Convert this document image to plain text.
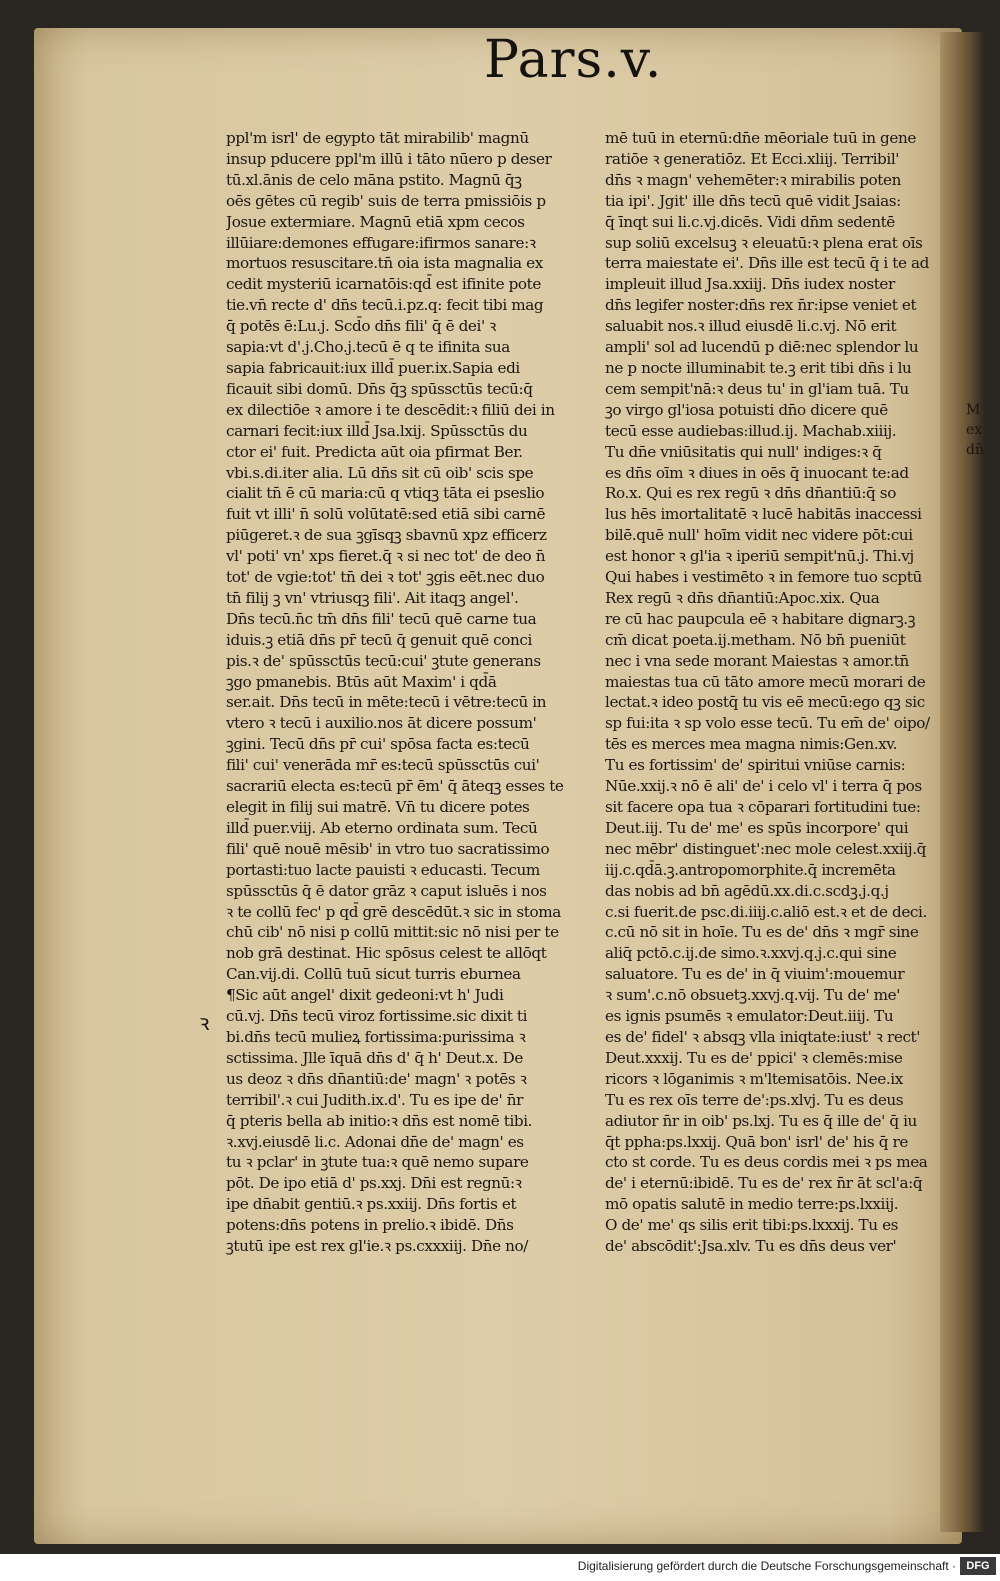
Pars.v.
ppl'm isrl' de egypto tāt mirabilib' magnū
insup pducere ppl'm illū i tāto nūero p deser
tū.xl.ānis de celo māna pstito. Magnū q̄ꝫ
oēs gētes cū regib' suis de terra pmissiōis p
Josue extermiare. Magnū etiā xpm cecos
illūiare:demones effugare:ifirmos sanare:ꝛ
mortuos resuscitare.tn̄ oia ista magnalia ex
cedit mysteriū icarnatōis:qd̄ est ifinite pote
tie.vn̄ recte d' dn̄s tecū.i.pz.q: fecit tibi mag
q̄ potēs ē:Lu.j. Scd̄o dn̄s fili' q̄ ē dei' ꝛ
sapia:vt d'.j.Cho.j.tecū ē q te ifinita sua
sapia fabricauit:iux illd̄ puer.ix.Sapia edi
ficauit sibi domū. Dn̄s q̄ꝫ spūssctūs tecū:q̄
ex dilectiōe ꝛ amore i te descēdit:ꝛ filiū dei in
carnari fecit:iux illd̄ Jsa.lxij. Spūssctūs du
ctor ei' fuit. Predicta aūt oia pfirmat Ber.
vbi.s.di.iter alia. Lū dn̄s sit cū oib' scis spe
cialit tn̄ ē cū maria:cū q vtiqꝫ tāta ei pseslio
fuit vt illi' n̄ solū volūtatē:sed etiā sibi carnē
piūgeret.ꝛ de sua ꝫgīsqꝫ sbavnū xpz efficerz
vl' poti' vn' xps fieret.q̄ ꝛ si nec tot' de deo n̄
tot' de vgie:tot' tn̄ dei ꝛ tot' ꝫgis eēt.nec duo
tn̄ filij ꝫ vn' vtriusqꝫ fili'. Ait itaqꝫ angel'.
Dn̄s tecū.n̄c tm̄ dn̄s fili' tecū quē carne tua
iduis.ꝫ etiā dn̄s pr̄ tecū q̄ genuit quē conci
pis.ꝛ de' spūssctūs tecū:cui' ꝫtute generans
ꝫgo pmanebis. Btūs aūt Maxim' i qd̄ā
ser.ait. Dn̄s tecū in mēte:tecū i vētre:tecū in
vtero ꝛ tecū i auxilio.nos āt dicere possum'
ꝫgini. Tecū dn̄s pr̄ cui' spōsa facta es:tecū
fili' cui' venerāda mr̄ es:tecū spūssctūs cui'
sacrariū electa es:tecū pr̄ ēm' q̄ āteqꝫ esses te
elegit in filij sui matrē. Vn̄ tu dicere potes
illd̄ puer.viij. Ab eterno ordinata sum. Tecū
fili' quē nouē mēsib' in vtro tuo sacratissimo
portasti:tuo lacte pauisti ꝛ educasti. Tecum
spūssctūs q̄ ē dator grāz ꝛ caput isluēs i nos
ꝛ te collū fec' p qd̄ grē descēdūt.ꝛ sic in stoma
chū cib' nō nisi p collū mittit:sic nō nisi per te
nob grā destinat. Hic spōsus celest te allōqt
Can.vij.di. Collū tuū sicut turris eburnea
¶Sic aūt angel' dixit gedeoni:vt h' Judi
cū.vj. Dn̄s tecū viroz fortissime.sic dixit ti
bi.dn̄s tecū mulieꝝ fortissima:purissima ꝛ
sctissima. Jlle īquā dn̄s d' q̄ h' Deut.x. De
us deoz ꝛ dn̄s dn̄antiū:de' magn' ꝛ potēs ꝛ
terribil'.ꝛ cui Judith.ix.d'. Tu es ipe de' n̄r
q̄ pteris bella ab initio:ꝛ dn̄s est nomē tibi.
ꝛ.xvj.eiusdē li.c. Adonai dn̄e de' magn' es
tu ꝛ pclar' in ꝫtute tua:ꝛ quē nemo supare
pōt. De ipo etiā d' ps.xxj. Dn̄i est regnū:ꝛ
ipe dn̄abit gentiū.ꝛ ps.xxiij. Dn̄s fortis et
potens:dn̄s potens in prelio.ꝛ ibidē. Dn̄s
ꝫtutū ipe est rex gl'ie.ꝛ ps.cxxxiij. Dn̄e no/
mē tuū in eternū:dn̄e mēoriale tuū in gene
ratiōe ꝛ generatiōz. Et Ecci.xliij. Terribil'
dn̄s ꝛ magn' vehemēter:ꝛ mirabilis poten
tia ipi'. Jgit' ille dn̄s tecū quē vidit Jsaias:
q̄ īnqt sui li.c.vj.dicēs. Vidi dn̄m sedentē
sup soliū excelsuꝫ ꝛ eleuatū:ꝛ plena erat oīs
terra maiestate ei'. Dn̄s ille est tecū q̄ i te ad
impleuit illud Jsa.xxiij. Dn̄s iudex noster
dn̄s legifer noster:dn̄s rex n̄r:ipse veniet et
saluabit nos.ꝛ illud eiusdē li.c.vj. Nō erit
ampli' sol ad lucendū p diē:nec splendor lu
ne p nocte illuminabit te.ꝫ erit tibi dn̄s i lu
cem sempit'nā:ꝛ deus tu' in gl'iam tuā. Tu
ꝫo virgo gl'iosa potuisti dn̄o dicere quē
tecū esse audiebas:illud.ij. Machab.xiiij.
Tu dn̄e vniūsitatis qui null' indiges:ꝛ q̄
es dn̄s oīm ꝛ diues in oēs q̄ inuocant te:ad
Ro.x. Qui es rex regū ꝛ dn̄s dn̄antiū:q̄ so
lus hēs imortalitatē ꝛ lucē habitās inaccessi
bilē.quē null' hoīm vidit nec videre pōt:cui
est honor ꝛ gl'ia ꝛ iperiū sempit'nū.j. Thi.vj
Qui habes i vestimēto ꝛ in femore tuo scptū
Rex regū ꝛ dn̄s dn̄antiū:Apoc.xix. Qua
re cū hac paupcula eē ꝛ habitare dignarꝫ.ꝫ
cm̄ dicat poeta.ij.metham. Nō bn̄ pueniūt
nec i vna sede morant Maiestas ꝛ amor.tn̄
maiestas tua cū tāto amore mecū morari de
lectat.ꝛ ideo postq̄ tu vis eē mecū:ego qꝫ sic
sp fui:ita ꝛ sp volo esse tecū. Tu em̄ de' oipo/
tēs es merces mea magna nimis:Gen.xv.
Tu es fortissim' de' spiritui vniūse carnis:
Nūe.xxij.ꝛ nō ē ali' de' i celo vl' i terra q̄ pos
sit facere opa tua ꝛ cōparari fortitudini tue:
Deut.iij. Tu de' me' es spūs incorpore' qui
nec mēbr' distinguet':nec mole celest.xxiij.q̄
iij.c.qd̄ā.ꝫ.antropomorphite.q̄ incremēta
das nobis ad bn̄ agēdū.xx.di.c.scdꝫ.j.q.j
c.si fuerit.de psc.di.iiij.c.aliō est.ꝛ et de deci.
c.cū nō sit in hoīe. Tu es de' dn̄s ꝛ mgr̄ sine
aliq̄ pctō.c.ij.de simo.ꝛ.xxvj.q.j.c.qui sine
saluatore. Tu es de' in q̄ viuim':mouemur
ꝛ sum'.c.nō obsuetꝫ.xxvj.q.vij. Tu de' me'
es ignis psumēs ꝛ emulator:Deut.iiij. Tu
es de' fidel' ꝛ absqꝫ vlla iniqtate:iust' ꝛ rect'
Deut.xxxij. Tu es de' ppici' ꝛ clemēs:mise
ricors ꝛ lōganimis ꝛ m'ltemisatōis. Nee.ix
Tu es rex oīs terre de':ps.xlvj. Tu es deus
adiutor n̄r in oib' ps.lxj. Tu es q̄ ille de' q̄ iu
q̄t ppha:ps.lxxij. Quā bon' isrl' de' his q̄ re
cto st corde. Tu es deus cordis mei ꝛ ps mea
de' i eternū:ibidē. Tu es de' rex n̄r āt scl'a:q̄
mō opatis salutē in medio terre:ps.lxxiij.
O de' me' qs silis erit tibi:ps.lxxxij. Tu es
de' abscōdit':Jsa.xlv. Tu es dn̄s deus ver'
ꝛ
M
ex
dn̄
Digitalisierung gefördert durch die Deutsche Forschungsgemeinschaft · DFG
